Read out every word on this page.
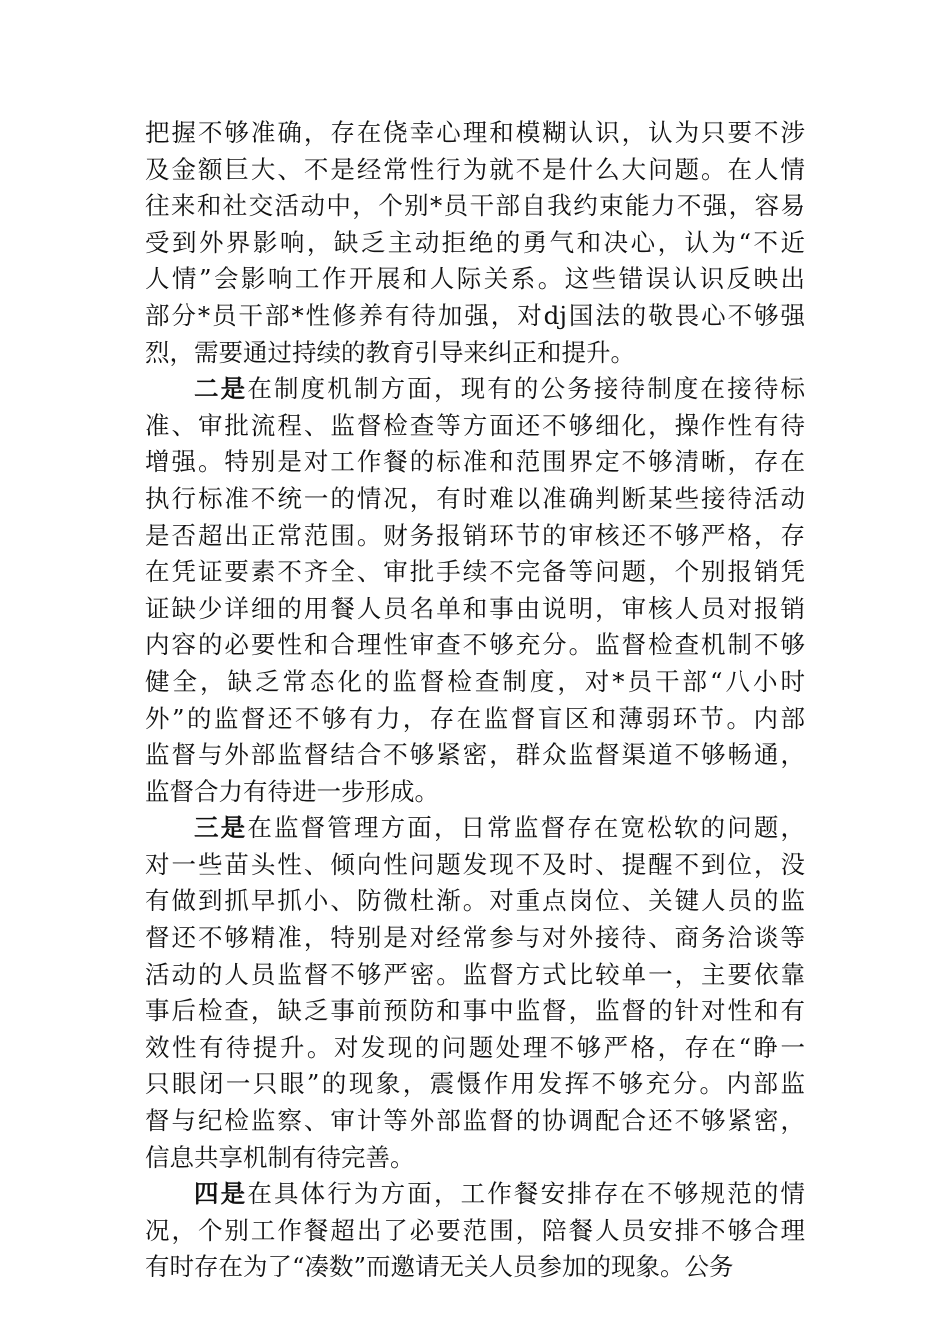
把握不够准确，存在侥幸心理和模糊认识，认为只要不涉
及金额巨大、不是经常性行为就不是什么大问题。在人情
往来和社交活动中，个别*员干部自我约束能力不强，容易
受到外界影响，缺乏主动拒绝的勇气和决心，认为“不近
人情”会影响工作开展和人际关系。这些错误认识反映出
部分*员干部*性修养有待加强，对dj国法的敬畏心不够强
烈，需要通过持续的教育引导来纠正和提升。
二是在制度机制方面，现有的公务接待制度在接待标
准、审批流程、监督检查等方面还不够细化，操作性有待
增强。特别是对工作餐的标准和范围界定不够清晰，存在
执行标准不统一的情况，有时难以准确判断某些接待活动
是否超出正常范围。财务报销环节的审核还不够严格，存
在凭证要素不齐全、审批手续不完备等问题，个别报销凭
证缺少详细的用餐人员名单和事由说明，审核人员对报销
内容的必要性和合理性审查不够充分。监督检查机制不够
健全，缺乏常态化的监督检查制度，对*员干部“八小时
外”的监督还不够有力，存在监督盲区和薄弱环节。内部
监督与外部监督结合不够紧密，群众监督渠道不够畅通，
监督合力有待进一步形成。
三是在监督管理方面，日常监督存在宽松软的问题，
对一些苗头性、倾向性问题发现不及时、提醒不到位，没
有做到抓早抓小、防微杜渐。对重点岗位、关键人员的监
督还不够精准，特别是对经常参与对外接待、商务洽谈等
活动的人员监督不够严密。监督方式比较单一，主要依靠
事后检查，缺乏事前预防和事中监督，监督的针对性和有
效性有待提升。对发现的问题处理不够严格，存在“睁一
只眼闭一只眼”的现象，震慑作用发挥不够充分。内部监
督与纪检监察、审计等外部监督的协调配合还不够紧密，
信息共享机制有待完善。
四是在具体行为方面，工作餐安排存在不够规范的情
况，个别工作餐超出了必要范围，陪餐人员安排不够合理
有时存在为了“凑数”而邀请无关人员参加的现象。公务
